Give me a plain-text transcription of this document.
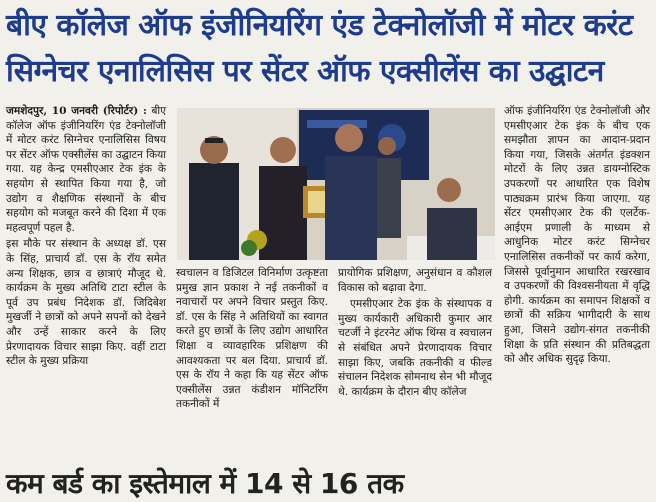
बीए कॉलेज ऑफ इंजीनियरिंग एंड टेक्नोलॉजी में मोटर करंट
सिग्नेचर एनालिसिस पर सेंटर ऑफ एक्सीलेंस का उद्घाटन

जमशेदपुर, 10 जनवरी (रिपोर्टर) : बीए कॉलेज ऑफ इंजीनियरिंग एंड टेक्नोलॉजी में मोटर करंट सिग्नेचर एनालिसिस विषय पर सेंटर ऑफ एक्सीलेंस का उद्घाटन किया गया. यह केन्द्र एमसीएआर टेक इंक के सहयोग से स्थापित किया गया है, जो उद्योग व शैक्षणिक संस्थानों के बीच सहयोग को मजबूत करने की दिशा में एक महत्वपूर्ण पहल है.

इस मौके पर संस्थान के अध्यक्ष डॉ. एस के सिंह, प्राचार्य डॉ. एस के रॉय समेत अन्य शिक्षक, छात्र व छात्राएं मौजूद थे. कार्यक्रम के मुख्य अतिथि टाटा स्टील के पूर्व उप प्रबंध निदेशक डॉ. जिदिबेश मुखर्जी ने छात्रों को अपने सपनों को देखने और उन्हें साकार करने के लिए प्रेरणादायक विचार साझा किए. वहीं टाटा स्टील के मुख्य प्रक्रिया

स्वचालन व डिजिटल विनिर्माण उत्कृष्टता प्रमुख ज्ञान प्रकाश ने नई तकनीकों व नवाचारों पर अपने विचार प्रस्तुत किए. डॉ. एस के सिंह ने अतिथियों का स्वागत करते हुए छात्रों के लिए उद्योग आधारित शिक्षा व व्यावहारिक प्रशिक्षण की आवश्यकता पर बल दिया. प्राचार्य डॉ. एस के रॉय ने कहा कि यह सेंटर ऑफ एक्सीलेंस उन्नत कंडीशन मॉनिटरिंग तकनीकों में

प्रायोगिक प्रशिक्षण, अनुसंधान व कौशल विकास को बढ़ावा देगा.

एमसीएआर टेक इंक के संस्थापक व मुख्य कार्यकारी अधिकारी कुमार आर चटर्जी ने इंटरनेट ऑफ थिंग्स व स्वचालन से संबंधित अपने प्रेरणादायक विचार साझा किए, जबकि तकनीकी व फील्ड संचालन निदेशक सोमनाथ सेन भी मौजूद थे. कार्यक्रम के दौरान बीए कॉलेज

ऑफ इंजीनियरिंग एंड टेक्नोलॉजी और एमसीएआर टेक इंक के बीच एक समझौता ज्ञापन का आदान-प्रदान किया गया, जिसके अंतर्गत इंडक्शन मोटरों के लिए उन्नत डायग्नोस्टिक उपकरणों पर आधारित एक विशेष पाठ्यक्रम प्रारंभ किया जाएगा. यह सेंटर एमसीएआर टेक की एलर्टेक-आईएम प्रणाली के माध्यम से आधुनिक मोटर करंट सिग्नेचर एनालिसिस तकनीकों पर कार्य करेगा, जिससे पूर्वानुमान आधारित रखरखाव व उपकरणों की विश्वसनीयता में वृद्धि होगी. कार्यक्रम का समापन शिक्षकों व छात्रों की सक्रिय भागीदारी के साथ हुआ, जिसने उद्योग-संगत तकनीकी शिक्षा के प्रति संस्थान की प्रतिबद्धता को और अधिक सुदृढ़ किया.

कम बर्ड का इस्तेमाल में 14 से 16 तक
